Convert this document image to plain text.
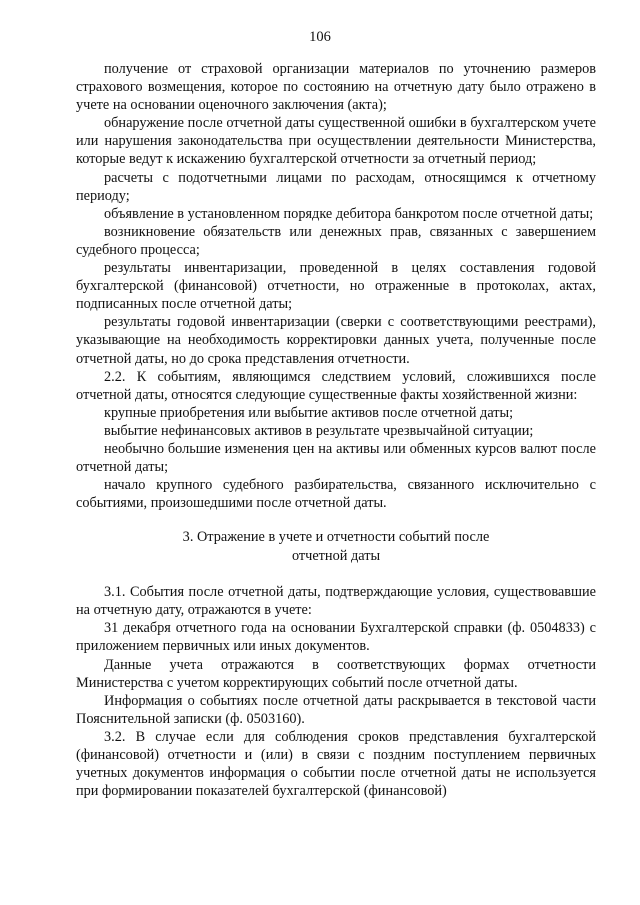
106

получение от страховой организации материалов по уточнению размеров страхового возмещения, которое по состоянию на отчетную дату было отражено в учете на основании оценочного заключения (акта);

обнаружение после отчетной даты существенной ошибки в бухгалтерском учете или нарушения законодательства при осуществлении деятельности Министерства, которые ведут к искажению бухгалтерской отчетности за отчетный период;

расчеты с подотчетными лицами по расходам, относящимся к отчетному периоду;

объявление в установленном порядке дебитора банкротом после отчетной даты;

возникновение обязательств или денежных прав, связанных с завершением судебного процесса;

результаты инвентаризации, проведенной в целях составления годовой бухгалтерской (финансовой) отчетности, но отраженные в протоколах, актах, подписанных после отчетной даты;

результаты годовой инвентаризации (сверки с соответствующими реестрами), указывающие на необходимость корректировки данных учета, полученные после отчетной даты, но до срока представления отчетности.

2.2. К событиям, являющимся следствием условий, сложившихся после отчетной даты, относятся следующие существенные факты хозяйственной жизни:

крупные приобретения или выбытие активов после отчетной даты;

выбытие нефинансовых активов в результате чрезвычайной ситуации;

необычно большие изменения цен на активы или обменных курсов валют после отчетной даты;

начало крупного судебного разбирательства, связанного исключительно с событиями, произошедшими после отчетной даты.

3. Отражение в учете и отчетности событий после
отчетной даты

3.1. События после отчетной даты, подтверждающие условия, существовавшие на отчетную дату, отражаются в учете:

31 декабря отчетного года на основании Бухгалтерской справки (ф. 0504833) с приложением первичных или иных документов.

Данные учета отражаются в соответствующих формах отчетности Министерства с учетом корректирующих событий после отчетной даты.

Информация о событиях после отчетной даты раскрывается в текстовой части Пояснительной записки (ф. 0503160).

3.2. В случае если для соблюдения сроков представления бухгалтерской (финансовой) отчетности и (или) в связи с поздним поступлением первичных учетных документов информация о событии после отчетной даты не используется при формировании показателей бухгалтерской (финансовой)
